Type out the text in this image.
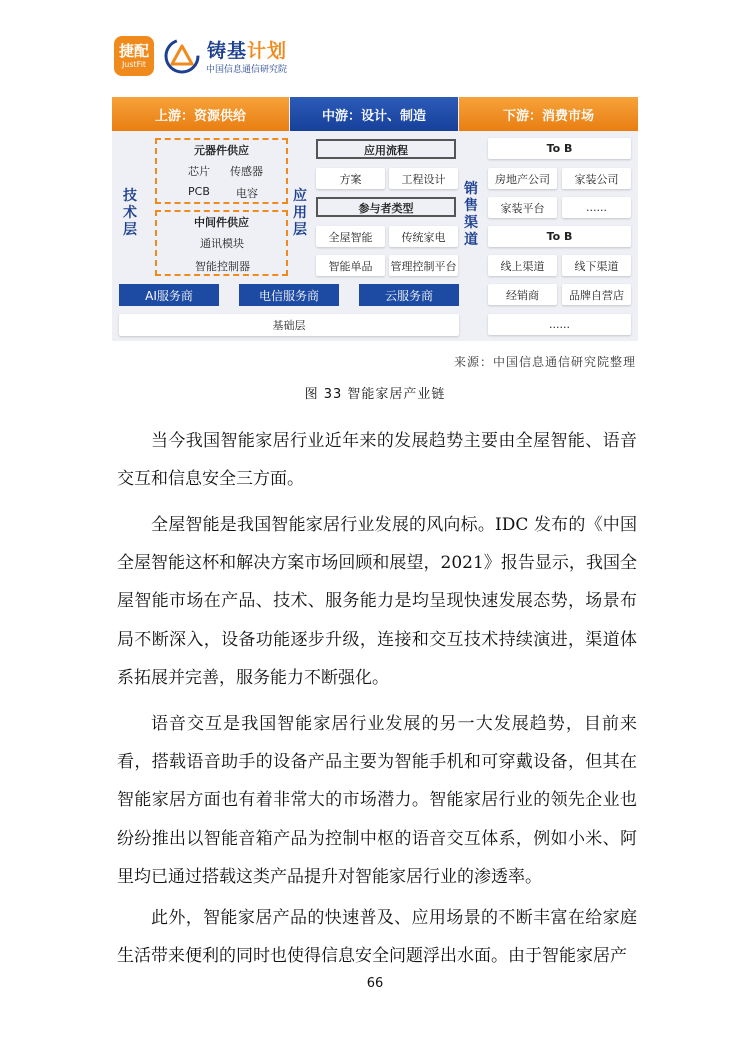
捷配
JustFit
铸基计划
中国信息通信研究院
上游：资源供给	中游：设计、制造	下游：消费市场
技术层
应用层
销售渠道
元器件供应
芯片 传感器
PCB 电容
中间件供应
通讯模块
智能控制器
AI服务商	电信服务商	云服务商
基础层
应用流程
方案	工程设计
参与者类型
全屋智能	传统家电
智能单品	管理控制平台
To B
房地产公司	家装公司
家装平台	......
To B
线上渠道	线下渠道
经销商	品牌自营店
......
来源：中国信息通信研究院整理
图 33 智能家居产业链

当今我国智能家居行业近年来的发展趋势主要由全屋智能、语音交互和信息安全三方面。

全屋智能是我国智能家居行业发展的风向标。IDC 发布的《中国全屋智能这杯和解决方案市场回顾和展望，2021》报告显示，我国全屋智能市场在产品、技术、服务能力是均呈现快速发展态势，场景布局不断深入，设备功能逐步升级，连接和交互技术持续演进，渠道体系拓展并完善，服务能力不断强化。

语音交互是我国智能家居行业发展的另一大发展趋势，目前来看，搭载语音助手的设备产品主要为智能手机和可穿戴设备，但其在智能家居方面也有着非常大的市场潜力。智能家居行业的领先企业也纷纷推出以智能音箱产品为控制中枢的语音交互体系，例如小米、阿里均已通过搭载这类产品提升对智能家居行业的渗透率。

此外，智能家居产品的快速普及、应用场景的不断丰富在给家庭生活带来便利的同时也使得信息安全问题浮出水面。由于智能家居产

66
